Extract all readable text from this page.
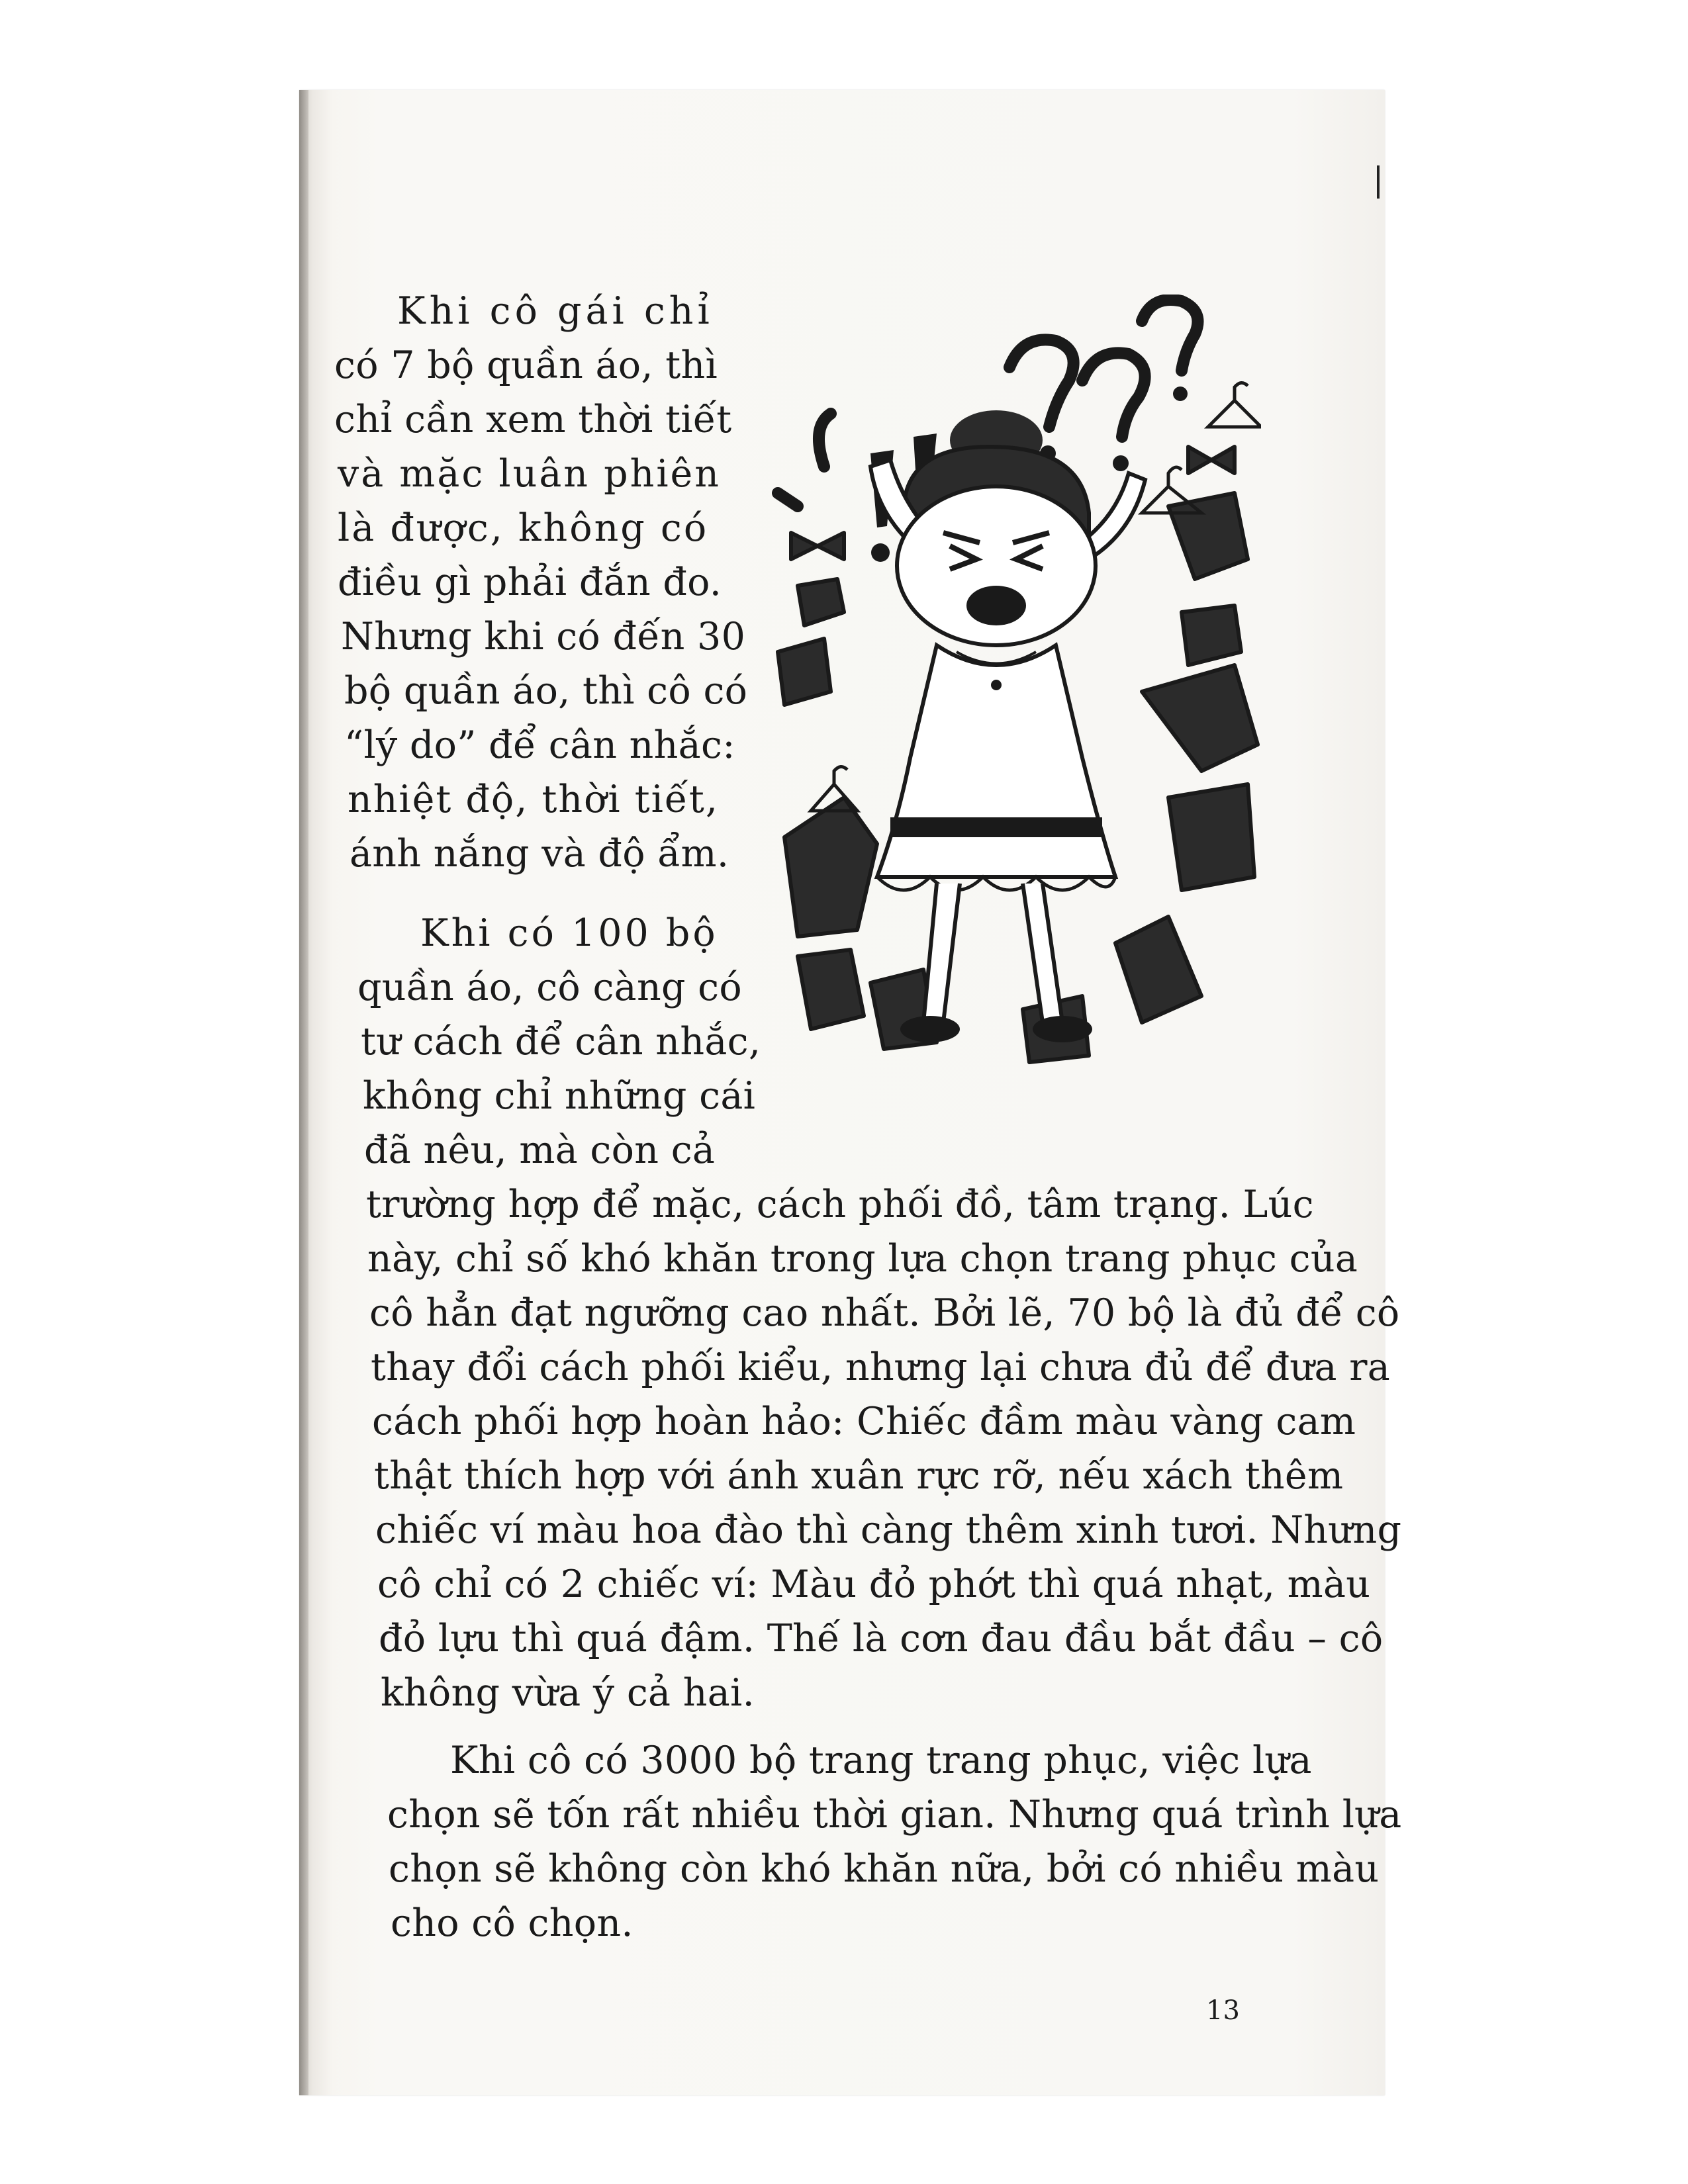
Khi cô gái chỉ
có 7 bộ quần áo, thì
chỉ cần xem thời tiết
và mặc luân phiên
là được, không có
điều gì phải đắn đo.
Nhưng khi có đến 30
bộ quần áo, thì cô có
“lý do” để cân nhắc:
nhiệt độ, thời tiết,
ánh nắng và độ ẩm.
Khi có 100 bộ
quần áo, cô càng có
tư cách để cân nhắc,
không chỉ những cái
đã nêu, mà còn cả
trường hợp để mặc, cách phối đồ, tâm trạng. Lúc
này, chỉ số khó khăn trong lựa chọn trang phục của
cô hẳn đạt ngưỡng cao nhất. Bởi lẽ, 70 bộ là đủ để cô
thay đổi cách phối kiểu, nhưng lại chưa đủ để đưa ra
cách phối hợp hoàn hảo: Chiếc đầm màu vàng cam
thật thích hợp với ánh xuân rực rỡ, nếu xách thêm
chiếc ví màu hoa đào thì càng thêm xinh tươi. Nhưng
cô chỉ có 2 chiếc ví: Màu đỏ phớt thì quá nhạt, màu
đỏ lựu thì quá đậm. Thế là cơn đau đầu bắt đầu – cô
không vừa ý cả hai.
Khi cô có 3000 bộ trang trang phục, việc lựa
chọn sẽ tốn rất nhiều thời gian. Nhưng quá trình lựa
chọn sẽ không còn khó khăn nữa, bởi có nhiều màu
cho cô chọn.
13
